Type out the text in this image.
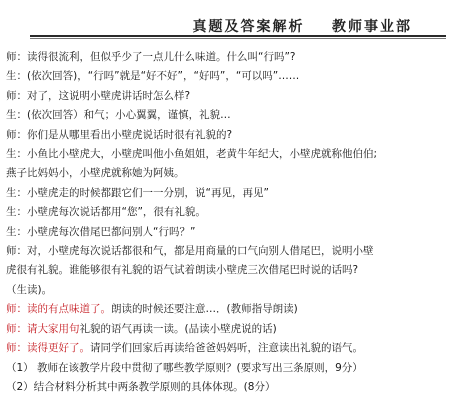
真题及答案解析    教师事业部
师：读得很流利，但似乎少了一点儿什么味道。什么叫“行吗”?
生：(依次回答)，“行吗”就是“好不好”，“好吗”，“可以吗”……
师：对了，这说明小壁虎讲话时怎么样?
生：(依次回答）和气；小心翼翼，谨慎，礼貌…
师：你们是从哪里看出小壁虎说话时很有礼貌的?
生：小鱼比小壁虎大，小壁虎叫他小鱼姐姐，老黄牛年纪大，小壁虎就称他伯伯;
燕子比妈妈小，小壁虎就称她为阿姨。
生：小壁虎走的时候都跟它们一一分别，说“再见，再见”
生：小壁虎每次说话都用“您”，很有礼貌。
生：小壁虎每次借尾巴都问别人“行吗？”
师：对，小壁虎每次说话都很和气，都是用商量的口气向别人借尾巴，说明小壁
虎很有礼貌。谁能够很有礼貌的语气试着朗读小壁虎三次借尾巴时说的话吗?
（生读)。
师：读的有点味道了。朗读的时候还要注意…．(教师指导朗读)
师：请大家用句礼貌的语气再读一读。(品读小壁虎说的话)
师：读得更好了。请同学们回家后再读给爸爸妈妈听，注意读出礼貌的语气。
（1） 教师在该教学片段中贯彻了哪些教学原则？(要求写出三条原则，9分）
（2）结合材料分析其中两条教学原则的具体体现。(8分）
